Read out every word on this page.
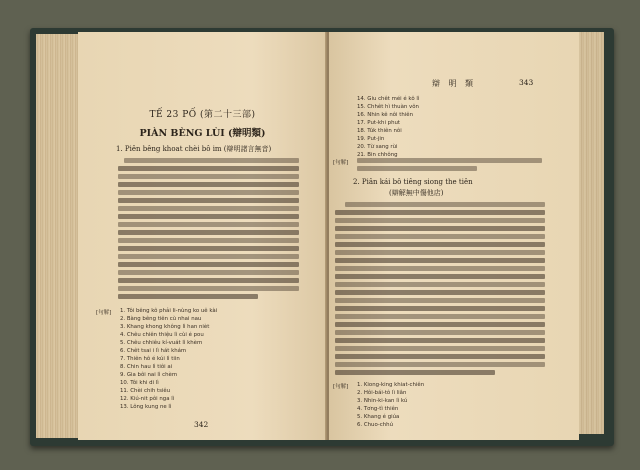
TẾ 23 PỐ (第二十三部)
PIÀN BÈNG LÙI (辯明類)
1. Piên bêng khoat chèi bô im (辯明諸言無音)
[句解] 1. Tôi bêng kô phải Ii-nùng ko uê kài
2. Bàng bêng tiên cù nhai nau
3. Khang khong không lì han nièt
4. Chêu chiên thiệu lì cùi é pou
5. Chêu chhiêu kí-vuát lì khèm
6. Chêt tsai i lì hát khám
7. Thiên hô é kúi lì tiin
8. Chin hau lì tiôi ai
9. Gia bôi nai lì chèm
10. Tôi khi di lì
11. Chèi chih tsiêu
12. Kiú-nit pôi nga lì
13. Lông kung ne lì
342
辯 明 類	343
14. Giu chêt méi é kô lì
15. Chhêt hì thuàn vôn
16. Nhin kê nôi thiên
17. Put-khi phut
18. Túk thiên nôi
19. Put-jin
20. Từ sang rùi
21. Bin chhông
[句解]
2. Piân kái bô tiêng siong the tiên
(辯解無中傷他店)
[句解] 1. Kiong-king khiat-chiên
2. Hôi-bái-tô lì liân
3. Nhin-ki-kan lì kú
4. Tơng-tì thiên
5. Khang é giúa
6. Chuo-chhú
